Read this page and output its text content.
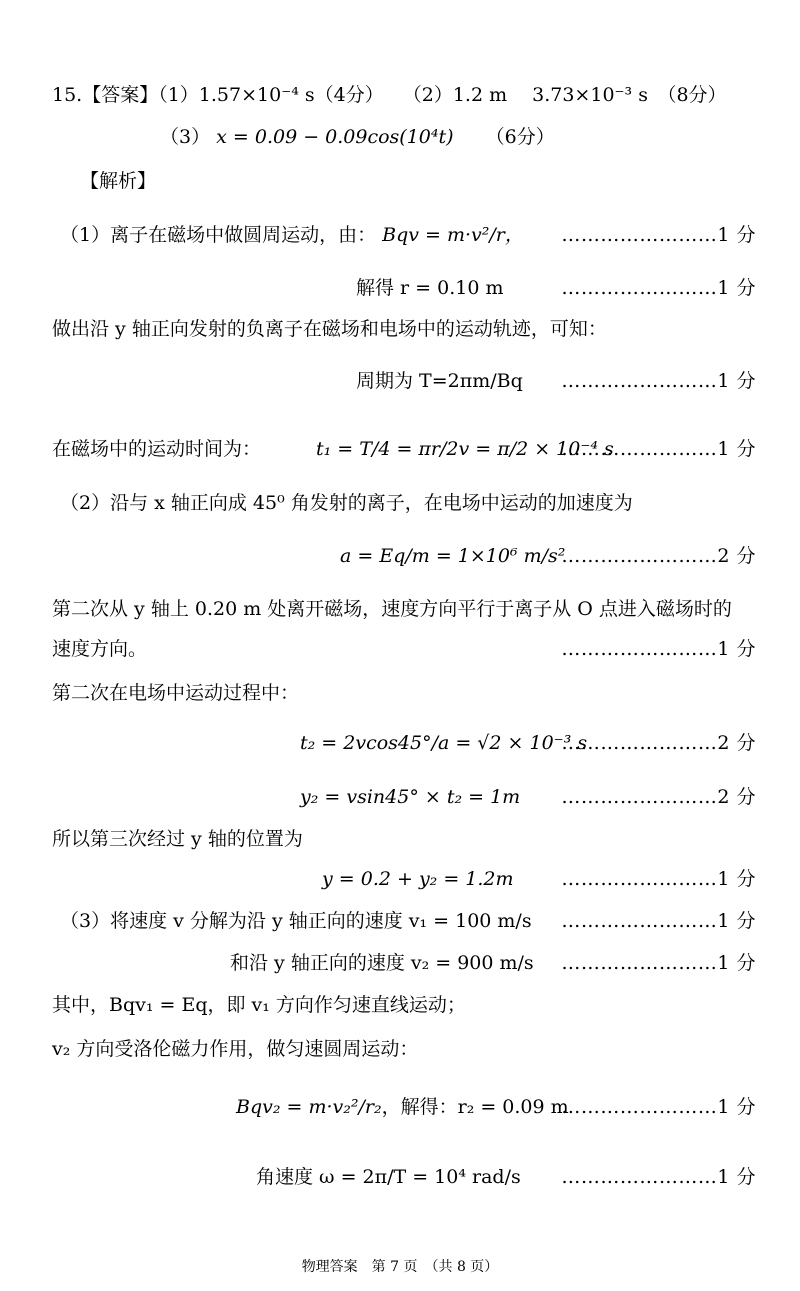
15.【答案】（1）1.57×10⁻⁴ s（4分）　　（2）1.2 m　 3.73×10⁻³ s　（8分）
（3） x = 0.09 − 0.09cos(10⁴t) （6分）
【解析】
（1）离子在磁场中做圆周运动，由： Bqv = m·v²/r， ……………………1 分
解得 r = 0.10 m	……………………1 分
做出沿 y 轴正向发射的负离子在磁场和电场中的运动轨迹，可知：
周期为 T=2πm/Bq ……………………1 分
在磁场中的运动时间为：	t₁ = T/4 = πr/2v = π/2 × 10⁻⁴ s
……………………1 分
（2）沿与 x 轴正向成 45⁰ 角发射的离子，在电场中运动的加速度为
a = Eq/m = 1×10⁶ m/s²
……………………2 分
第二次从 y 轴上 0.20 m 处离开磁场，速度方向平行于离子从 O 点进入磁场时的
速度方向。	……………………1 分
第二次在电场中运动过程中：
t₂ = 2vcos45°/a = √2 × 10⁻³ s
……………………2 分
y₂ = vsin45° × t₂ = 1m ……………………2 分
所以第三次经过 y 轴的位置为
y = 0.2 + y₂ = 1.2m	……………………1 分
（3）将速度 v 分解为沿 y 轴正向的速度 v₁ = 100 m/s ……………………1 分
和沿 y 轴正向的速度 v₂ = 900 m/s ……………………1 分
其中，Bqv₁ = Eq，即 v₁ 方向作匀速直线运动；
v₂ 方向受洛伦磁力作用，做匀速圆周运动：
Bqv₂ = m·v₂²/r₂，解得：r₂ = 0.09 m
……………………1 分
角速度 ω = 2π/T = 10⁴ rad/s ……………………1 分
物理答案　第 7 页　（共 8 页）
